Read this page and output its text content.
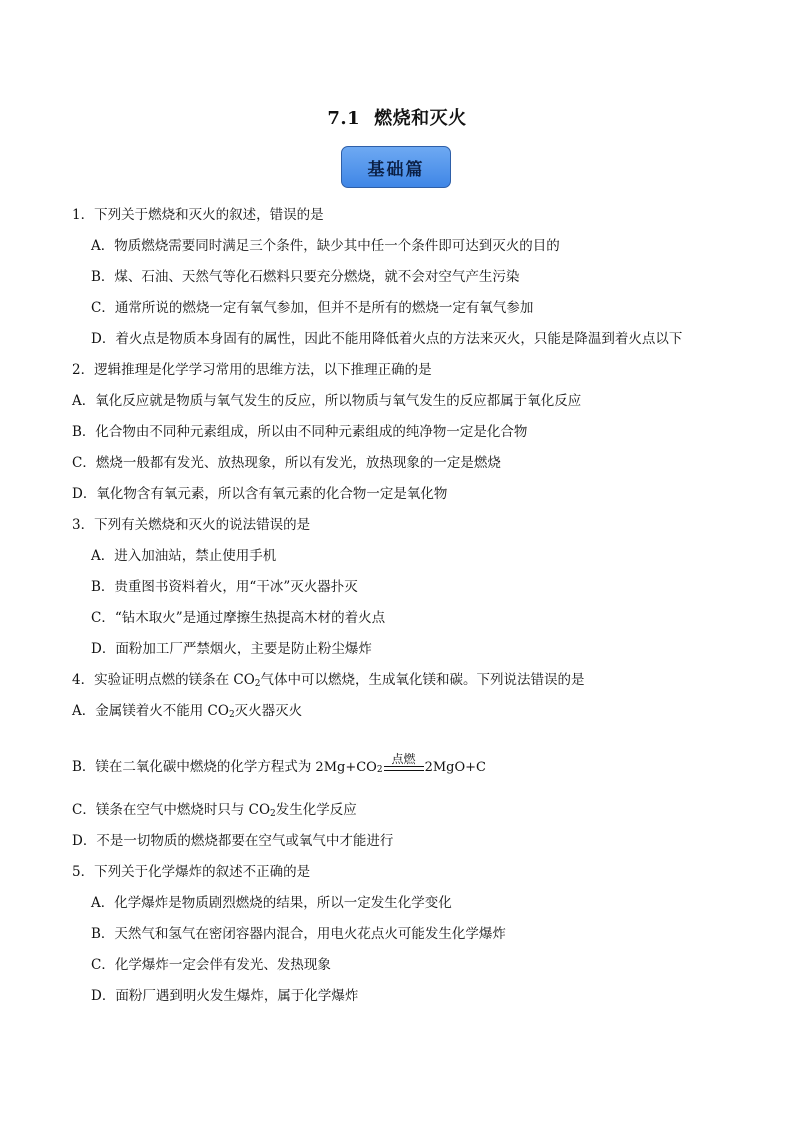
7.1 燃烧和灭火
基础篇
1．下列关于燃烧和灭火的叙述，错误的是
A．物质燃烧需要同时满足三个条件，缺少其中任一个条件即可达到灭火的目的
B．煤、石油、天然气等化石燃料只要充分燃烧，就不会对空气产生污染
C．通常所说的燃烧一定有氧气参加，但并不是所有的燃烧一定有氧气参加
D．着火点是物质本身固有的属性，因此不能用降低着火点的方法来灭火，只能是降温到着火点以下
2．逻辑推理是化学学习常用的思维方法，以下推理正确的是
A．氧化反应就是物质与氧气发生的反应，所以物质与氧气发生的反应都属于氧化反应
B．化合物由不同种元素组成，所以由不同种元素组成的纯净物一定是化合物
C．燃烧一般都有发光、放热现象，所以有发光，放热现象的一定是燃烧
D．氧化物含有氧元素，所以含有氧元素的化合物一定是氧化物
3．下列有关燃烧和灭火的说法错误的是
A．进入加油站，禁止使用手机
B．贵重图书资料着火，用“干冰”灭火器扑灭
C．“钻木取火”是通过摩擦生热提高木材的着火点
D．面粉加工厂严禁烟火，主要是防止粉尘爆炸
4．实验证明点燃的镁条在 $CO_2$气体中可以燃烧，生成氧化镁和碳。下列说法错误的是
A．金属镁着火不能用 $CO_2$灭火器灭火
B．镁在二氧化碳中燃烧的化学方程式为 2Mg+CO 2
点燃
2MgO+C
C．镁条在空气中燃烧时只与 $CO_2$发生化学反应
D．不是一切物质的燃烧都要在空气或氧气中才能进行
5．下列关于化学爆炸的叙述不正确的是
A．化学爆炸是物质剧烈燃烧的结果，所以一定发生化学变化
B．天然气和氢气在密闭容器内混合，用电火花点火可能发生化学爆炸
C．化学爆炸一定会伴有发光、发热现象
D．面粉厂遇到明火发生爆炸，属于化学爆炸
